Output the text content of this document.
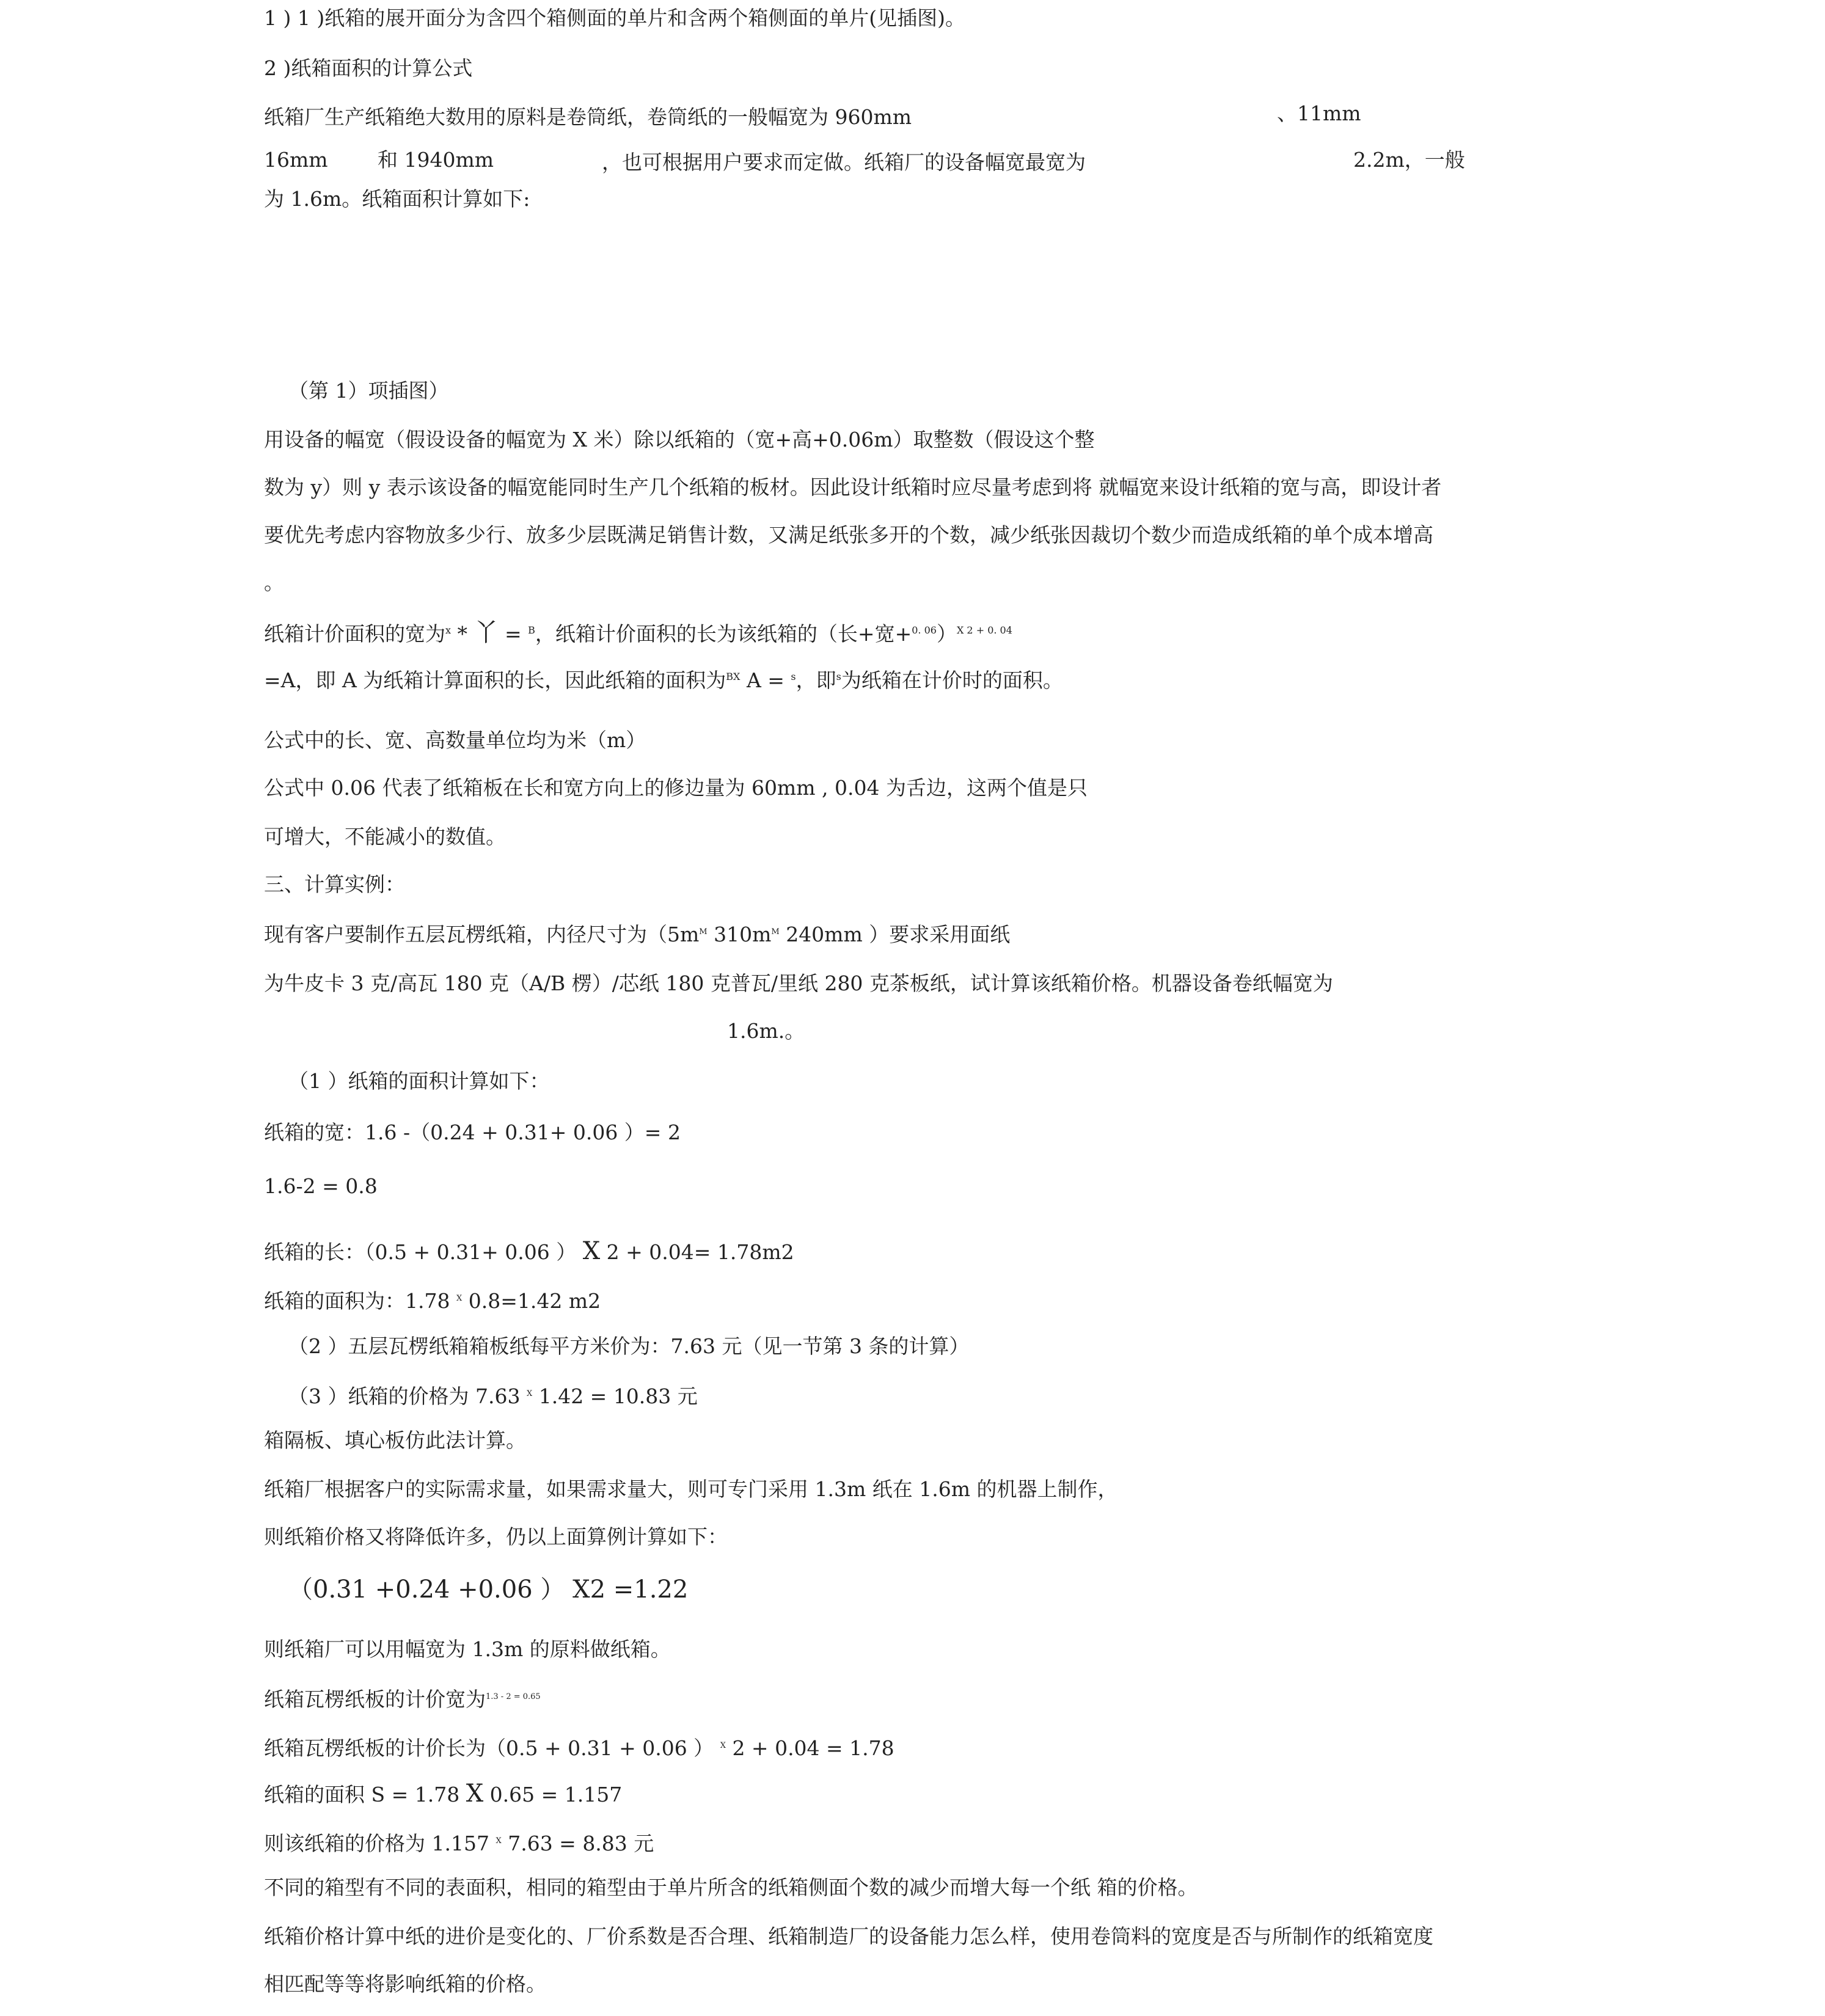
1 ) 1 )纸箱的展开面分为含四个箱侧面的单片和含两个箱侧面的单片(见插图)。
2 )纸箱面积的计算公式
纸箱厂生产纸箱绝大数用的原料是卷筒纸，卷筒纸的一般幅宽为 960mm	、11mm
16mm 和 1940mm	，也可根据用户要求而定做。纸箱厂的设备幅宽最宽为	2.2m，一般
为 1.6m。纸箱面积计算如下:
（第 1）项插图）
用设备的幅宽（假设设备的幅宽为 X 米）除以纸箱的（宽+高+0.06m）取整数（假设这个整
数为 y）则 y 表示该设备的幅宽能同时生产几个纸箱的板材。因此设计纸箱时应尽量考虑到将 就幅宽来设计纸箱的宽与高，即设计者
要优先考虑内容物放多少行、放多少层既满足销售计数，又满足纸张多开的个数，减少纸张因裁切个数少而造成纸箱的单个成本增高
。
纸箱计价面积的宽为$^x$ * 丫 = $^B$，纸箱计价面积的长为该纸箱的（长+宽+$^{0. 06}$）$^{X 2 + 0. 04}$
=A，即 A 为纸箱计算面积的长，因此纸箱的面积为$^{BX}$ A = $^s$，即$^s$为纸箱在计价时的面积。
公式中的长、宽、高数量单位均为米（m）
公式中 0.06 代表了纸箱板在长和宽方向上的修边量为 60mm , 0.04 为舌边，这两个值是只
可增大，不能减小的数值。
三、计算实例：
现有客户要制作五层瓦楞纸箱，内径尺寸为（$5m^M$ $310m^M$ 240mm ）要求采用面纸
为牛皮卡 3 克/高瓦 180 克（A/B 楞）/芯纸 180 克普瓦/里纸 280 克茶板纸，试计算该纸箱价格。机器设备卷纸幅宽为
1.6m.。
（1 ）纸箱的面积计算如下：
纸箱的宽：1.6 -（0.24 + 0.31+ 0.06 ）= 2
1.6-2 = 0.8
纸箱的长：（0.5 + 0.31+ 0.06 ） X 2 + 0.04= 1.78m2
纸箱的面积为：1.78 $^X$ 0.8=1.42 m2
（2 ）五层瓦楞纸箱箱板纸每平方米价为：7.63 元（见一节第 3 条的计算）
（3 ）纸箱的价格为 7.63 $^X$ 1.42 = 10.83 元
箱隔板、填心板仿此法计算。
纸箱厂根据客户的实际需求量，如果需求量大，则可专门采用 1.3m 纸在 1.6m 的机器上制作，
则纸箱价格又将降低许多，仍以上面算例计算如下：
（0.31 +0.24 +0.06 ） X2 =1.22
则纸箱厂可以用幅宽为 1.3m 的原料做纸箱。
纸箱瓦楞纸板的计价宽为$^{1.3 - 2 = 0.65}$
纸箱瓦楞纸板的计价长为（0.5 + 0.31 + 0.06 ） $^X$ 2 + 0.04 = 1.78
纸箱的面积 S = 1.78 X 0.65 = 1.157
则该纸箱的价格为 1.157 $^X$ 7.63 = 8.83 元
不同的箱型有不同的表面积，相同的箱型由于单片所含的纸箱侧面个数的减少而增大每一个纸 箱的价格。
纸箱价格计算中纸的进价是变化的、厂价系数是否合理、纸箱制造厂的设备能力怎么样，使用卷筒料的宽度是否与所制作的纸箱宽度
相匹配等等将影响纸箱的价格。
